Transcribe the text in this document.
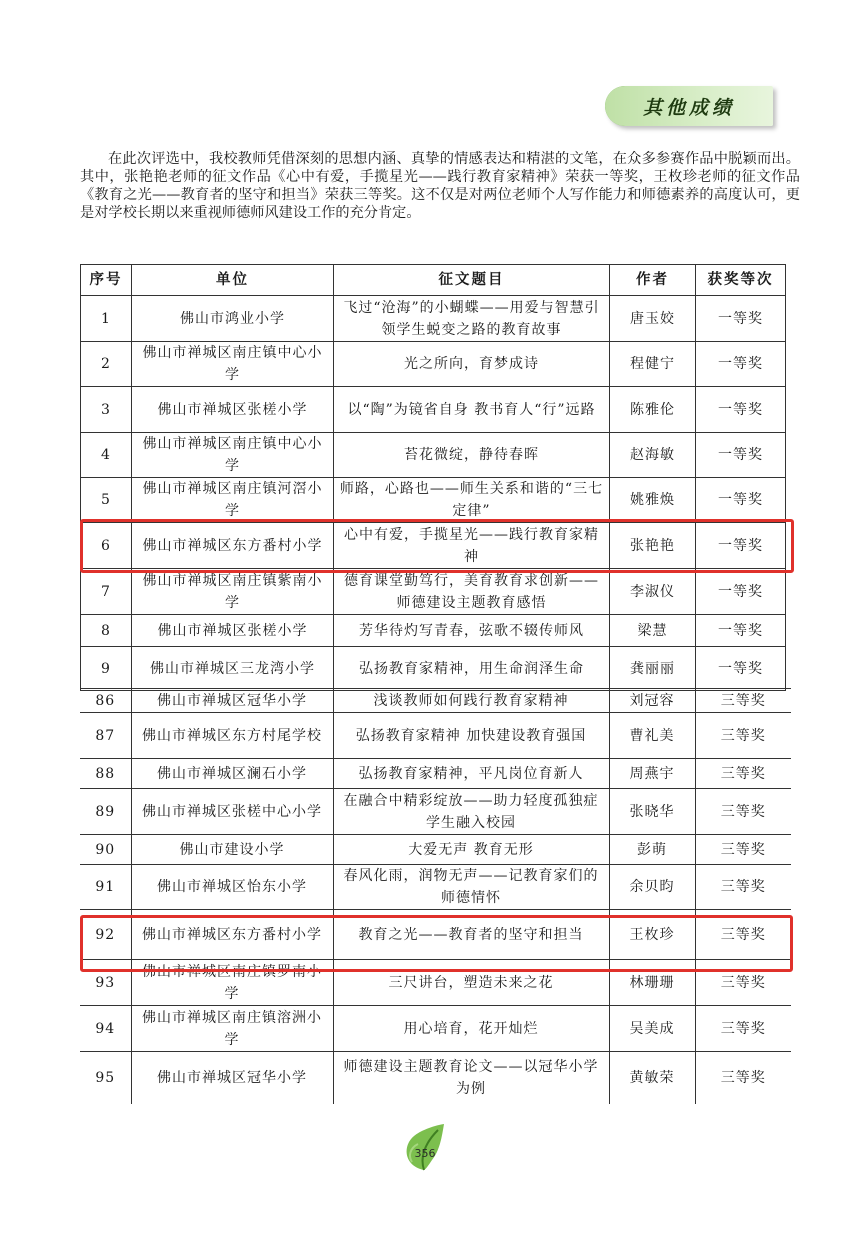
其他成绩

在此次评选中，我校教师凭借深刻的思想内涵、真挚的情感表达和精湛的文笔，在众多参赛作品中脱颖而出。其中，张艳艳老师的征文作品《心中有爱，手揽星光——践行教育家精神》荣获一等奖，王枚珍老师的征文作品《教育之光——教育者的坚守和担当》荣获三等奖。这不仅是对两位老师个人写作能力和师德素养的高度认可，更是对学校长期以来重视师德师风建设工作的充分肯定。

序号	单位	征文题目	作者	获奖等次
1	佛山市鸿业小学	飞过“沧海”的小蝴蝶——用爱与智慧引领学生蜕变之路的教育故事	唐玉姣	一等奖
2	佛山市禅城区南庄镇中心小学	光之所向，育梦成诗	程健宁	一等奖
3	佛山市禅城区张槎小学	以“陶”为镜省自身 教书育人“行”远路	陈雅伦	一等奖
4	佛山市禅城区南庄镇中心小学	苔花微绽，静待春晖	赵海敏	一等奖
5	佛山市禅城区南庄镇河滘小学	师路，心路也——师生关系和谐的“三七定律”	姚雅焕	一等奖
6	佛山市禅城区东方番村小学	心中有爱，手揽星光——践行教育家精神	张艳艳	一等奖
7	佛山市禅城区南庄镇紫南小学	德育课堂勤笃行，美育教育求创新——师德建设主题教育感悟	李淑仪	一等奖
8	佛山市禅城区张槎小学	芳华待灼写青春，弦歌不辍传师风	梁慧	一等奖
9	佛山市禅城区三龙湾小学	弘扬教育家精神，用生命润泽生命	龚丽丽	一等奖
86	佛山市禅城区冠华小学	浅谈教师如何践行教育家精神	刘冠容	三等奖
87	佛山市禅城区东方村尾学校	弘扬教育家精神 加快建设教育强国	曹礼美	三等奖
88	佛山市禅城区澜石小学	弘扬教育家精神，平凡岗位育新人	周燕宇	三等奖
89	佛山市禅城区张槎中心小学	在融合中精彩绽放——助力轻度孤独症学生融入校园	张晓华	三等奖
90	佛山市建设小学	大爱无声 教育无形	彭萌	三等奖
91	佛山市禅城区怡东小学	春风化雨，润物无声——记教育家们的师德情怀	余贝昀	三等奖
92	佛山市禅城区东方番村小学	教育之光——教育者的坚守和担当	王枚珍	三等奖
93	佛山市禅城区南庄镇罗南小学	三尺讲台，塑造未来之花	林珊珊	三等奖
94	佛山市禅城区南庄镇溶洲小学	用心培育，花开灿烂	吴美成	三等奖
95	佛山市禅城区冠华小学	师德建设主题教育论文——以冠华小学为例	黄敏荣	三等奖
356
